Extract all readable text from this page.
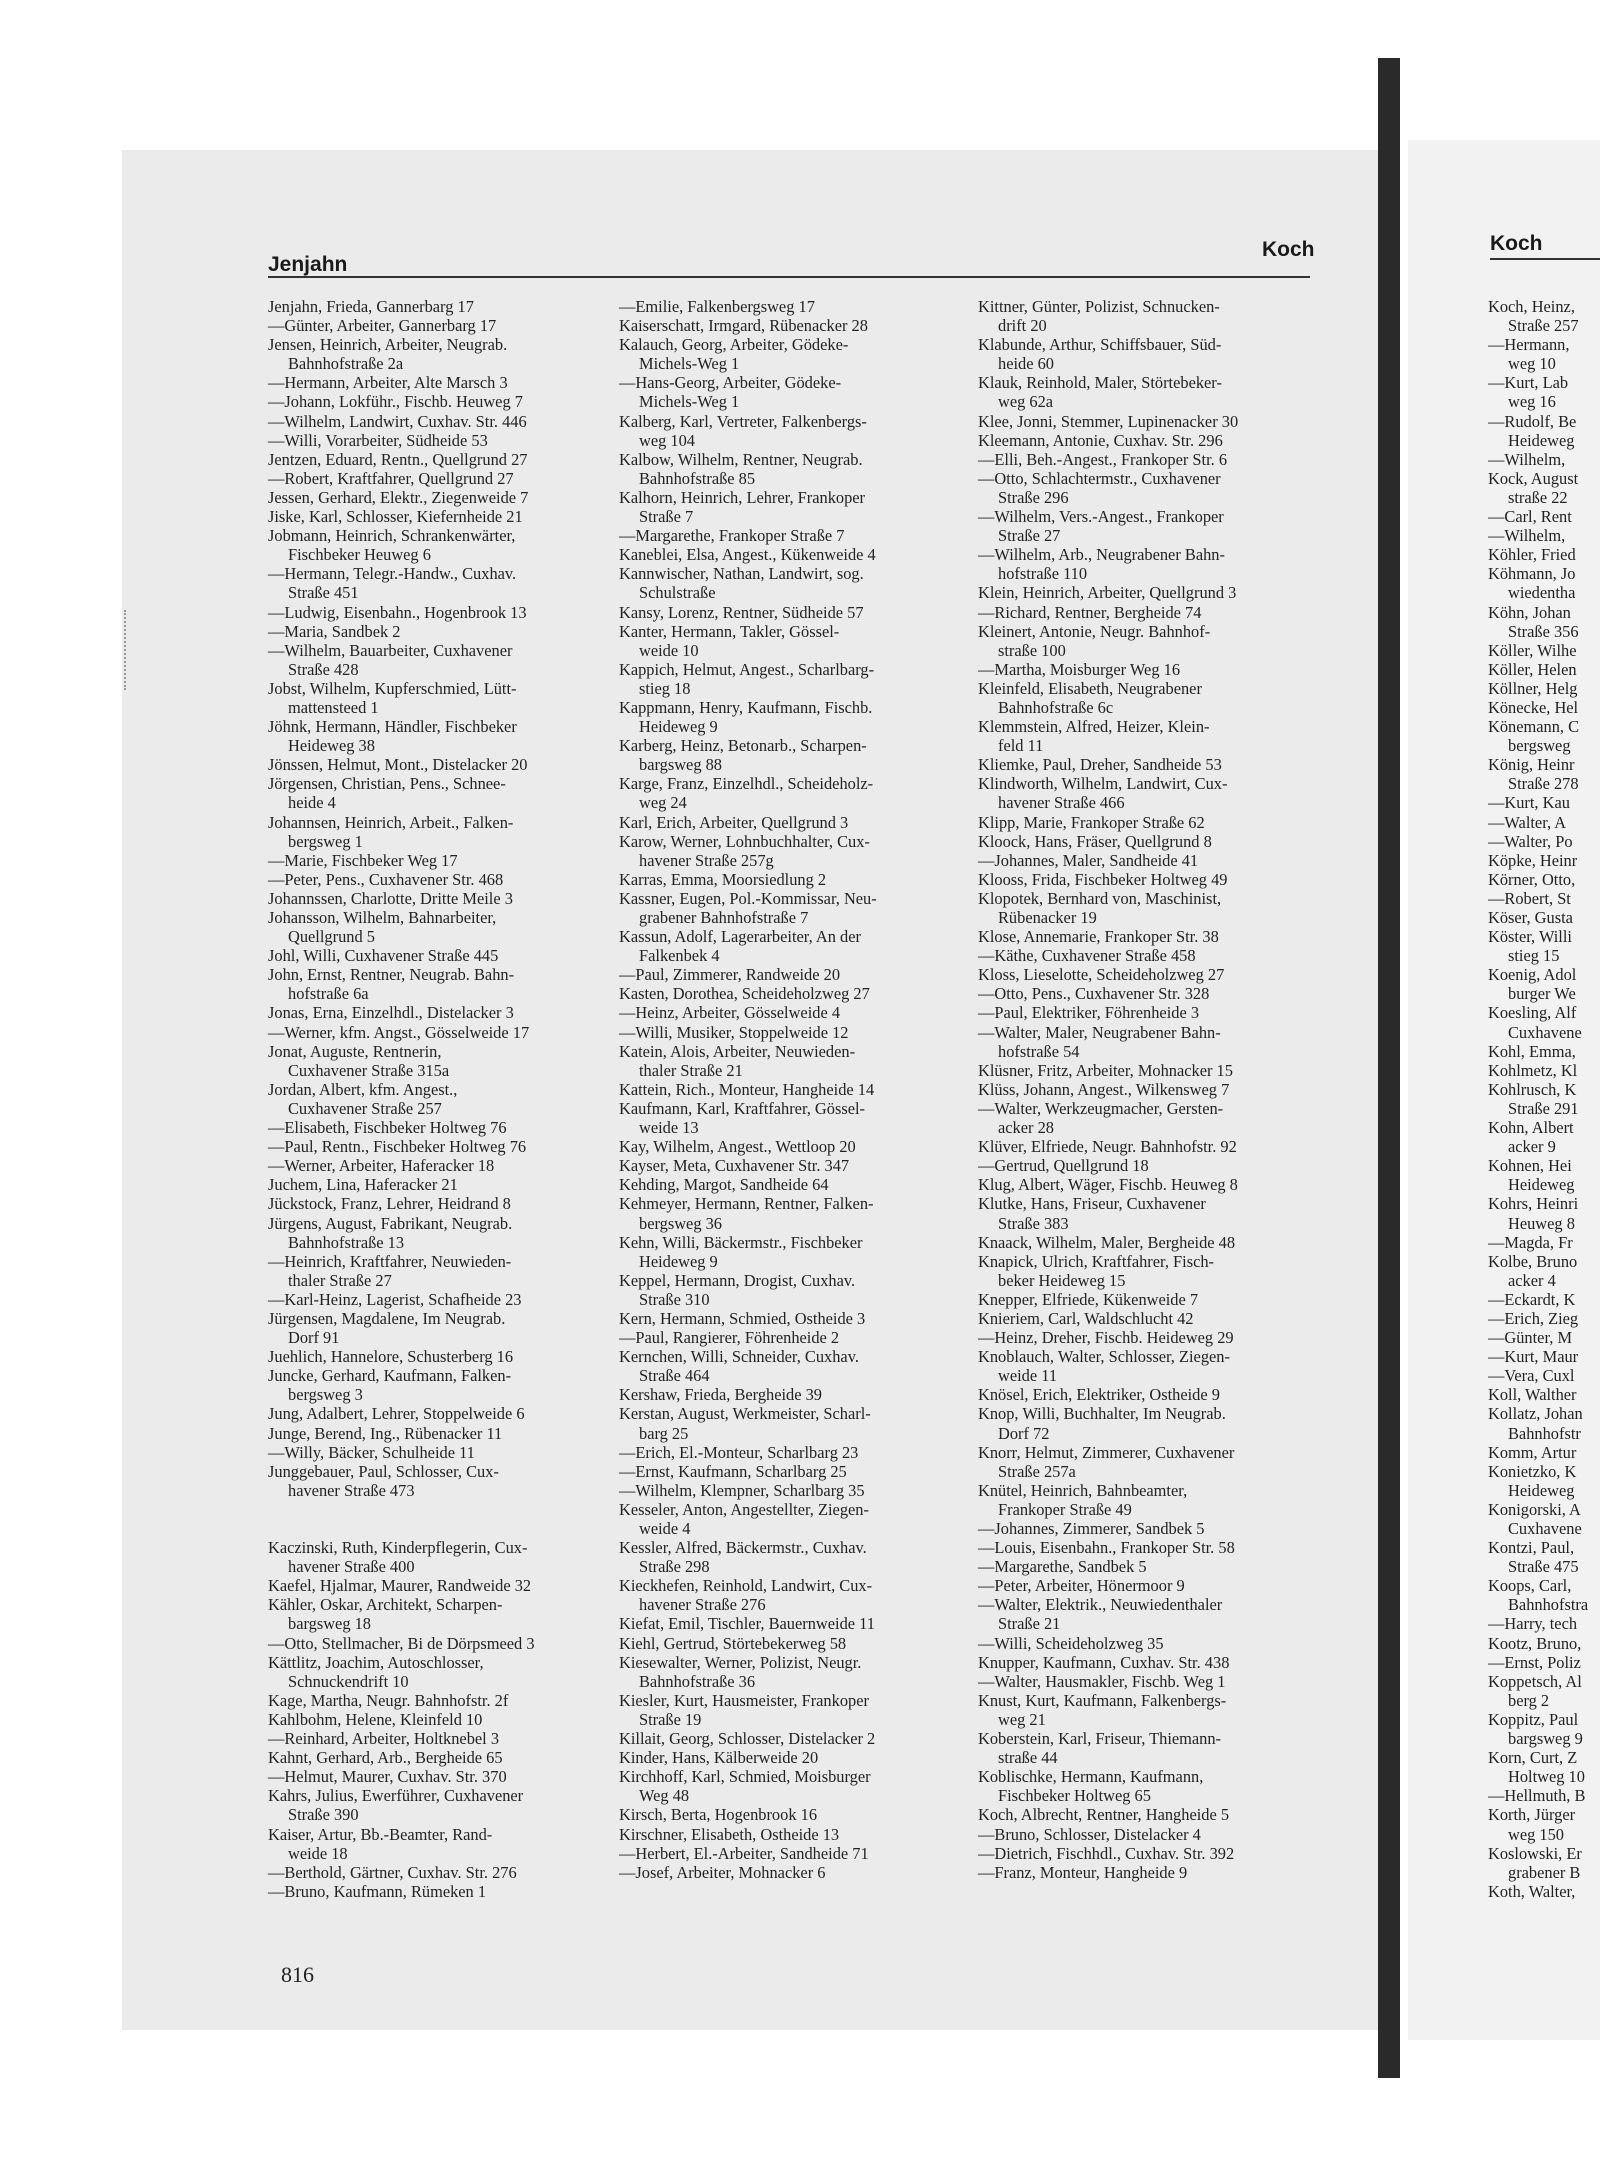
Jenjahn
Koch	Koch
Jenjahn, Frieda, Gannerbarg 17
—Günter, Arbeiter, Gannerbarg 17
Jensen, Heinrich, Arbeiter, Neugrab.
Bahnhofstraße 2a
—Hermann, Arbeiter, Alte Marsch 3
—Johann, Lokführ., Fischb. Heuweg 7
—Wilhelm, Landwirt, Cuxhav. Str. 446
—Willi, Vorarbeiter, Südheide 53
Jentzen, Eduard, Rentn., Quellgrund 27
—Robert, Kraftfahrer, Quellgrund 27
Jessen, Gerhard, Elektr., Ziegenweide 7
Jiske, Karl, Schlosser, Kiefernheide 21
Jobmann, Heinrich, Schrankenwärter,
Fischbeker Heuweg 6
—Hermann, Telegr.-Handw., Cuxhav.
Straße 451
—Ludwig, Eisenbahn., Hogenbrook 13
—Maria, Sandbek 2
—Wilhelm, Bauarbeiter, Cuxhavener
Straße 428
Jobst, Wilhelm, Kupferschmied, Lütt-
mattensteed 1
Jöhnk, Hermann, Händler, Fischbeker
Heideweg 38
Jönssen, Helmut, Mont., Distelacker 20
Jörgensen, Christian, Pens., Schnee-
heide 4
Johannsen, Heinrich, Arbeit., Falken-
bergsweg 1
—Marie, Fischbeker Weg 17
—Peter, Pens., Cuxhavener Str. 468
Johannssen, Charlotte, Dritte Meile 3
Johansson, Wilhelm, Bahnarbeiter,
Quellgrund 5
Johl, Willi, Cuxhavener Straße 445
John, Ernst, Rentner, Neugrab. Bahn-
hofstraße 6a
Jonas, Erna, Einzelhdl., Distelacker 3
—Werner, kfm. Angst., Gösselweide 17
Jonat, Auguste, Rentnerin,
Cuxhavener Straße 315a
Jordan, Albert, kfm. Angest.,
Cuxhavener Straße 257
—Elisabeth, Fischbeker Holtweg 76
—Paul, Rentn., Fischbeker Holtweg 76
—Werner, Arbeiter, Haferacker 18
Juchem, Lina, Haferacker 21
Jückstock, Franz, Lehrer, Heidrand 8
Jürgens, August, Fabrikant, Neugrab.
Bahnhofstraße 13
—Heinrich, Kraftfahrer, Neuwieden-
thaler Straße 27
—Karl-Heinz, Lagerist, Schafheide 23
Jürgensen, Magdalene, Im Neugrab.
Dorf 91
Juehlich, Hannelore, Schusterberg 16
Juncke, Gerhard, Kaufmann, Falken-
bergsweg 3
Jung, Adalbert, Lehrer, Stoppelweide 6
Junge, Berend, Ing., Rübenacker 11
—Willy, Bäcker, Schulheide 11
Junggebauer, Paul, Schlosser, Cux-
havener Straße 473
Kaczinski, Ruth, Kinderpflegerin, Cux-
havener Straße 400
Kaefel, Hjalmar, Maurer, Randweide 32
Kähler, Oskar, Architekt, Scharpen-
bargsweg 18
—Otto, Stellmacher, Bi de Dörpsmeed 3
Kättlitz, Joachim, Autoschlosser,
Schnuckendrift 10
Kage, Martha, Neugr. Bahnhofstr. 2f
Kahlbohm, Helene, Kleinfeld 10
—Reinhard, Arbeiter, Holtknebel 3
Kahnt, Gerhard, Arb., Bergheide 65
—Helmut, Maurer, Cuxhav. Str. 370
Kahrs, Julius, Ewerführer, Cuxhavener
Straße 390
Kaiser, Artur, Bb.-Beamter, Rand-
weide 18
—Berthold, Gärtner, Cuxhav. Str. 276
—Bruno, Kaufmann, Rümeken 1
—Emilie, Falkenbergsweg 17
Kaiserschatt, Irmgard, Rübenacker 28
Kalauch, Georg, Arbeiter, Gödeke-
Michels-Weg 1
—Hans-Georg, Arbeiter, Gödeke-
Michels-Weg 1
Kalberg, Karl, Vertreter, Falkenbergs-
weg 104
Kalbow, Wilhelm, Rentner, Neugrab.
Bahnhofstraße 85
Kalhorn, Heinrich, Lehrer, Frankoper
Straße 7
—Margarethe, Frankoper Straße 7
Kaneblei, Elsa, Angest., Kükenweide 4
Kannwischer, Nathan, Landwirt, sog.
Schulstraße
Kansy, Lorenz, Rentner, Südheide 57
Kanter, Hermann, Takler, Gössel-
weide 10
Kappich, Helmut, Angest., Scharlbarg-
stieg 18
Kappmann, Henry, Kaufmann, Fischb.
Heideweg 9
Karberg, Heinz, Betonarb., Scharpen-
bargsweg 88
Karge, Franz, Einzelhdl., Scheideholz-
weg 24
Karl, Erich, Arbeiter, Quellgrund 3
Karow, Werner, Lohnbuchhalter, Cux-
havener Straße 257g
Karras, Emma, Moorsiedlung 2
Kassner, Eugen, Pol.-Kommissar, Neu-
grabener Bahnhofstraße 7
Kassun, Adolf, Lagerarbeiter, An der
Falkenbek 4
—Paul, Zimmerer, Randweide 20
Kasten, Dorothea, Scheideholzweg 27
—Heinz, Arbeiter, Gösselweide 4
—Willi, Musiker, Stoppelweide 12
Katein, Alois, Arbeiter, Neuwieden-
thaler Straße 21
Kattein, Rich., Monteur, Hangheide 14
Kaufmann, Karl, Kraftfahrer, Gössel-
weide 13
Kay, Wilhelm, Angest., Wettloop 20
Kayser, Meta, Cuxhavener Str. 347
Kehding, Margot, Sandheide 64
Kehmeyer, Hermann, Rentner, Falken-
bergsweg 36
Kehn, Willi, Bäckermstr., Fischbeker
Heideweg 9
Keppel, Hermann, Drogist, Cuxhav.
Straße 310
Kern, Hermann, Schmied, Ostheide 3
—Paul, Rangierer, Föhrenheide 2
Kernchen, Willi, Schneider, Cuxhav.
Straße 464
Kershaw, Frieda, Bergheide 39
Kerstan, August, Werkmeister, Scharl-
barg 25
—Erich, El.-Monteur, Scharlbarg 23
—Ernst, Kaufmann, Scharlbarg 25
—Wilhelm, Klempner, Scharlbarg 35
Kesseler, Anton, Angestellter, Ziegen-
weide 4
Kessler, Alfred, Bäckermstr., Cuxhav.
Straße 298
Kieckhefen, Reinhold, Landwirt, Cux-
havener Straße 276
Kiefat, Emil, Tischler, Bauernweide 11
Kiehl, Gertrud, Störtebekerweg 58
Kiesewalter, Werner, Polizist, Neugr.
Bahnhofstraße 36
Kiesler, Kurt, Hausmeister, Frankoper
Straße 19
Killait, Georg, Schlosser, Distelacker 2
Kinder, Hans, Kälberweide 20
Kirchhoff, Karl, Schmied, Moisburger
Weg 48
Kirsch, Berta, Hogenbrook 16
Kirschner, Elisabeth, Ostheide 13
—Herbert, El.-Arbeiter, Sandheide 71
—Josef, Arbeiter, Mohnacker 6
Kittner, Günter, Polizist, Schnucken-
drift 20
Klabunde, Arthur, Schiffsbauer, Süd-
heide 60
Klauk, Reinhold, Maler, Störtebeker-
weg 62a
Klee, Jonni, Stemmer, Lupinenacker 30
Kleemann, Antonie, Cuxhav. Str. 296
—Elli, Beh.-Angest., Frankoper Str. 6
—Otto, Schlachtermstr., Cuxhavener
Straße 296
—Wilhelm, Vers.-Angest., Frankoper
Straße 27
—Wilhelm, Arb., Neugrabener Bahn-
hofstraße 110
Klein, Heinrich, Arbeiter, Quellgrund 3
—Richard, Rentner, Bergheide 74
Kleinert, Antonie, Neugr. Bahnhof-
straße 100
—Martha, Moisburger Weg 16
Kleinfeld, Elisabeth, Neugrabener
Bahnhofstraße 6c
Klemmstein, Alfred, Heizer, Klein-
feld 11
Kliemke, Paul, Dreher, Sandheide 53
Klindworth, Wilhelm, Landwirt, Cux-
havener Straße 466
Klipp, Marie, Frankoper Straße 62
Kloock, Hans, Fräser, Quellgrund 8
—Johannes, Maler, Sandheide 41
Klooss, Frida, Fischbeker Holtweg 49
Klopotek, Bernhard von, Maschinist,
Rübenacker 19
Klose, Annemarie, Frankoper Str. 38
—Käthe, Cuxhavener Straße 458
Kloss, Lieselotte, Scheideholzweg 27
—Otto, Pens., Cuxhavener Str. 328
—Paul, Elektriker, Föhrenheide 3
—Walter, Maler, Neugrabener Bahn-
hofstraße 54
Klüsner, Fritz, Arbeiter, Mohnacker 15
Klüss, Johann, Angest., Wilkensweg 7
—Walter, Werkzeugmacher, Gersten-
acker 28
Klüver, Elfriede, Neugr. Bahnhofstr. 92
—Gertrud, Quellgrund 18
Klug, Albert, Wäger, Fischb. Heuweg 8
Klutke, Hans, Friseur, Cuxhavener
Straße 383
Knaack, Wilhelm, Maler, Bergheide 48
Knapick, Ulrich, Kraftfahrer, Fisch-
beker Heideweg 15
Knepper, Elfriede, Kükenweide 7
Knieriem, Carl, Waldschlucht 42
—Heinz, Dreher, Fischb. Heideweg 29
Knoblauch, Walter, Schlosser, Ziegen-
weide 11
Knösel, Erich, Elektriker, Ostheide 9
Knop, Willi, Buchhalter, Im Neugrab.
Dorf 72
Knorr, Helmut, Zimmerer, Cuxhavener
Straße 257a
Knütel, Heinrich, Bahnbeamter,
Frankoper Straße 49
—Johannes, Zimmerer, Sandbek 5
—Louis, Eisenbahn., Frankoper Str. 58
—Margarethe, Sandbek 5
—Peter, Arbeiter, Hönermoor 9
—Walter, Elektrik., Neuwiedenthaler
Straße 21
—Willi, Scheideholzweg 35
Knupper, Kaufmann, Cuxhav. Str. 438
—Walter, Hausmakler, Fischb. Weg 1
Knust, Kurt, Kaufmann, Falkenbergs-
weg 21
Koberstein, Karl, Friseur, Thiemann-
straße 44
Koblischke, Hermann, Kaufmann,
Fischbeker Holtweg 65
Koch, Albrecht, Rentner, Hangheide 5
—Bruno, Schlosser, Distelacker 4
—Dietrich, Fischhdl., Cuxhav. Str. 392
—Franz, Monteur, Hangheide 9
Koch, Heinz,
Straße 257
—Hermann,
weg 10
—Kurt, Lab
weg 16
—Rudolf, Be
Heideweg
—Wilhelm,
Kock, August
straße 22
—Carl, Rent
—Wilhelm,
Köhler, Fried
Köhmann, Jo
wiedentha
Köhn, Johan
Straße 356
Köller, Wilhe
Köller, Helen
Köllner, Helg
Könecke, Hel
Könemann, C
bergsweg
König, Heinr
Straße 278
—Kurt, Kau
—Walter, A
—Walter, Po
Köpke, Heinr
Körner, Otto,
—Robert, St
Köser, Gusta
Köster, Willi
stieg 15
Koenig, Adol
burger We
Koesling, Alf
Cuxhavene
Kohl, Emma,
Kohlmetz, Kl
Kohlrusch, K
Straße 291
Kohn, Albert
acker 9
Kohnen, Hei
Heideweg
Kohrs, Heinri
Heuweg 8
—Magda, Fr
Kolbe, Bruno
acker 4
—Eckardt, K
—Erich, Zieg
—Günter, M
—Kurt, Maur
—Vera, Cuxl
Koll, Walther
Kollatz, Johan
Bahnhofstr
Komm, Artur
Konietzko, K
Heideweg
Konigorski, A
Cuxhavene
Kontzi, Paul,
Straße 475
Koops, Carl,
Bahnhofstra
—Harry, tech
Kootz, Bruno,
—Ernst, Poliz
Koppetsch, Al
berg 2
Koppitz, Paul
bargsweg 9
Korn, Curt, Z
Holtweg 10
—Hellmuth, B
Korth, Jürger
weg 150
Koslowski, Er
grabener B
Koth, Walter,
816
